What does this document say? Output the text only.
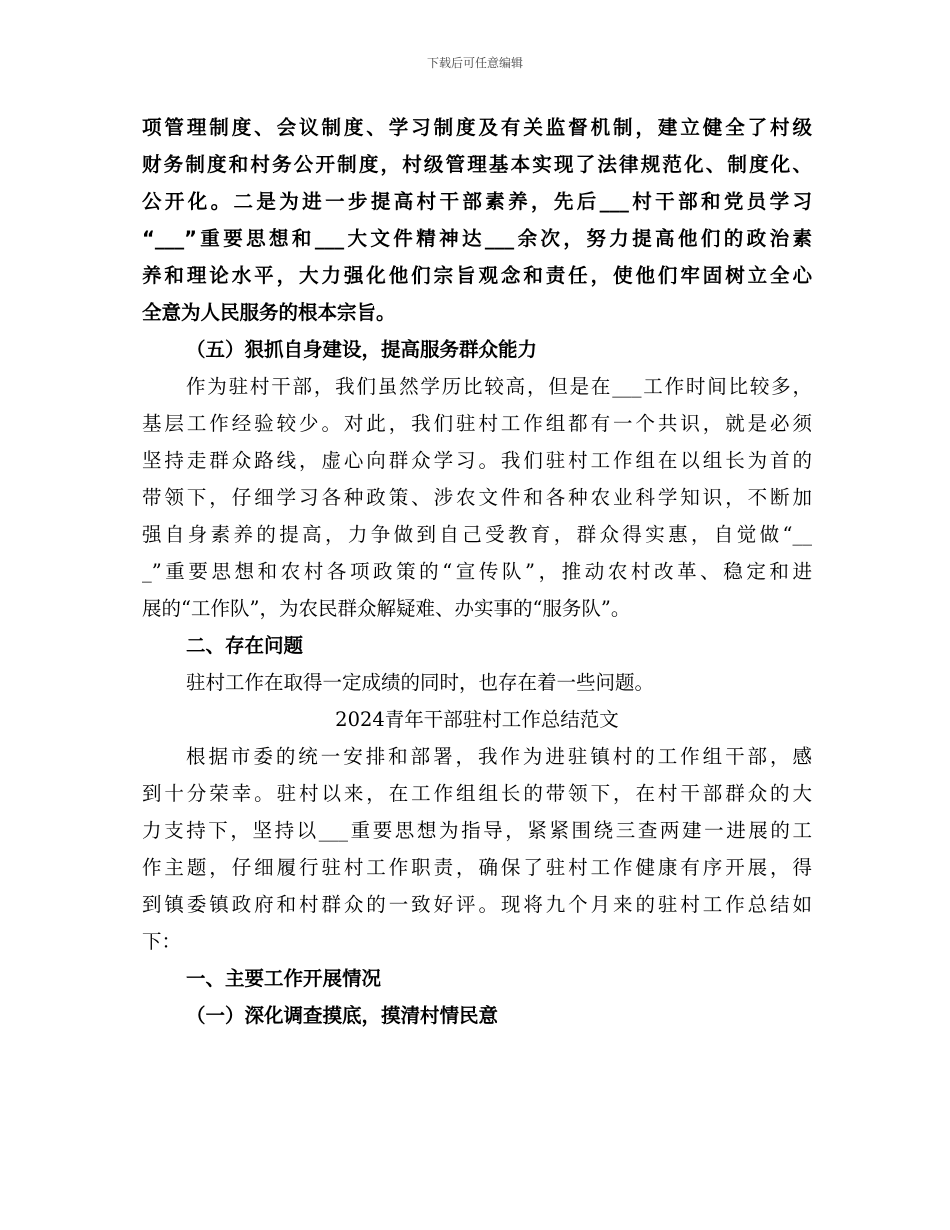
下载后可任意编辑
项管理制度、会议制度、学习制度及有关监督机制，建立健全了村级
财务制度和村务公开制度，村级管理基本实现了法律规范化、制度化、
公开化。二是为进一步提高村干部素养，先后___村干部和党员学习
“___”重要思想和___大文件精神达___余次，努力提高他们的政治素
养和理论水平，大力强化他们宗旨观念和责任，使他们牢固树立全心
全意为人民服务的根本宗旨。
（五）狠抓自身建设，提高服务群众能力
作为驻村干部，我们虽然学历比较高，但是在___工作时间比较多，
基层工作经验较少。对此，我们驻村工作组都有一个共识，就是必须
坚持走群众路线，虚心向群众学习。我们驻村工作组在以组长为首的
带领下，仔细学习各种政策、涉农文件和各种农业科学知识，不断加
强自身素养的提高，力争做到自己受教育，群众得实惠，自觉做“__
_”重要思想和农村各项政策的“宣传队”，推动农村改革、稳定和进
展的“工作队”，为农民群众解疑难、办实事的“服务队”。
二、存在问题
驻村工作在取得一定成绩的同时，也存在着一些问题。
2024青年干部驻村工作总结范文
根据市委的统一安排和部署，我作为进驻镇村的工作组干部，感
到十分荣幸。驻村以来，在工作组组长的带领下，在村干部群众的大
力支持下，坚持以___重要思想为指导，紧紧围绕三查两建一进展的工
作主题，仔细履行驻村工作职责，确保了驻村工作健康有序开展，得
到镇委镇政府和村群众的一致好评。现将九个月来的驻村工作总结如
下：
一、主要工作开展情况
（一）深化调查摸底，摸清村情民意
